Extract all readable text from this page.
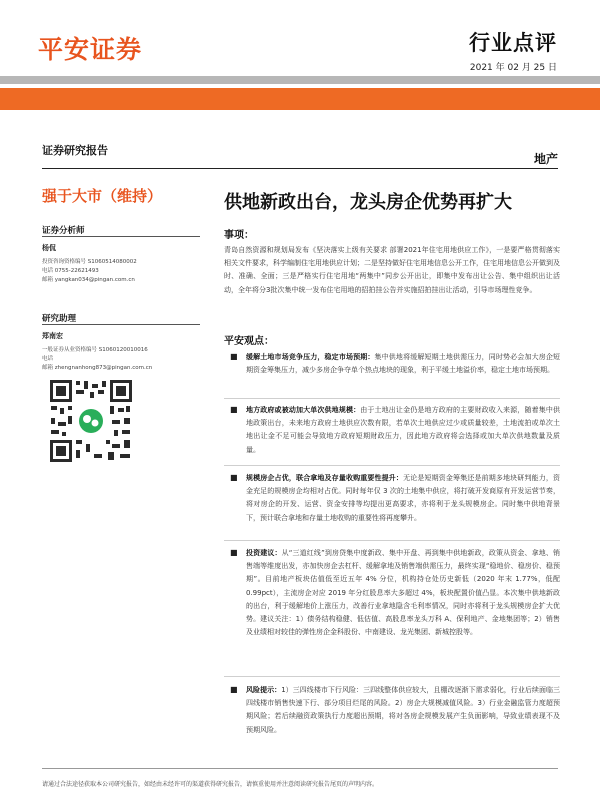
平安证券	行业点评
2021 年 02 月 25 日
证券研究报告
地产
强于大市（维持）	供地新政出台，龙头房企优势再扩大
证券分析师
杨侃
投资咨询资格编号 S1060514080002
电话 0755-22621493
邮箱 yangkan034@pingan.com.cn
研究助理
郑南宏
一般证券从业资格编号 S1060120010016
电话
邮箱 zhengnanhong873@pingan.com.cn
事项：
青岛自然资源和规划局发布《坚决落实上级有关要求 部署2021年住宅用地供应工作》，一是要严格贯彻落实相关文件要求，科学编制住宅用地供应计划；二是坚持做好住宅用地信息公开工作，住宅用地信息公开做到及时、准确、全面；三是严格实行住宅用地“两集中”同步公开出让，即集中发布出让公告、集中组织出让活动，全年将分3批次集中统一发布住宅用地的招拍挂公告并实施招拍挂出让活动，引导市场理性竞争。
平安观点：
■ 缓解土地市场竞争压力，稳定市场预期：集中供地将缓解短期土地供需压力，同时势必会加大房企短期资金筹集压力，减少多房企争夺单个热点地块的现象，利于平缓土地溢价率，稳定土地市场预期。
■ 地方政府或被动加大单次供地规模：由于土地出让金仍是地方政府的主要财政收入来源，随着集中供地政策出台，未来地方政府土地供应次数有限，若单次土地供应过少或质量较差，土地流拍或单次土地出让金不足可能会导致地方政府短期财政压力，因此地方政府将会选择或加大单次供地数量及质量。
■ 规模房企占优，联合拿地及存量收购重要性提升：无论是短期资金筹集还是前期多地块研判能力，资金充足的规模房企均相对占优。同时每年仅 3 次的土地集中供应，将打破开发商原有开发运营节奏，将对房企的开发、运营、资金安排等均提出更高要求，亦将利于龙头规模房企。同时集中供地背景下，预计联合拿地和存量土地收购的重要性将再度攀升。
■ 投资建议：从“三道红线”到房贷集中度新政、集中开盘、再到集中供地新政，政策从资金、拿地、销售端等维度出发，亦加快房企去杠杆、缓解拿地及销售端供需压力，最终实现“稳地价、稳房价、稳预期”。目前地产板块估值低至近五年 4% 分位，机构持仓处历史新低（2020 年末 1.77%，低配 0.99pct），主流房企对应 2019 年分红股息率大多超过 4%，板块配置价值凸显。本次集中供地新政的出台，利于缓解地价上涨压力，改善行业拿地隐含毛利率情况，同时亦将利于龙头规模房企扩大优势。建议关注：1）债务结构稳健、低估值、高股息率龙头万科 A、保利地产、金地集团等；2）销售及业绩相对较佳的弹性房企金科股份、中南建设、龙光集团、新城控股等。
■ 风险提示：1）三四线楼市下行风险：三四线整体供应较大，且棚改逐渐下需求弱化，行业后续面临三四线楼市销售快速下行、部分项目烂尾的风险。2）房企大规模减值风险。3）行业金融监管力度超预期风险；若后续融资政策执行力度超出预期，将对各房企规模发展产生负面影响，导致业绩表现不及预期风险。
请通过合法途径获取本公司研究报告，如经由未经许可的渠道获得研究报告，请慎重使用并注意阅读研究报告尾页的声明内容。
